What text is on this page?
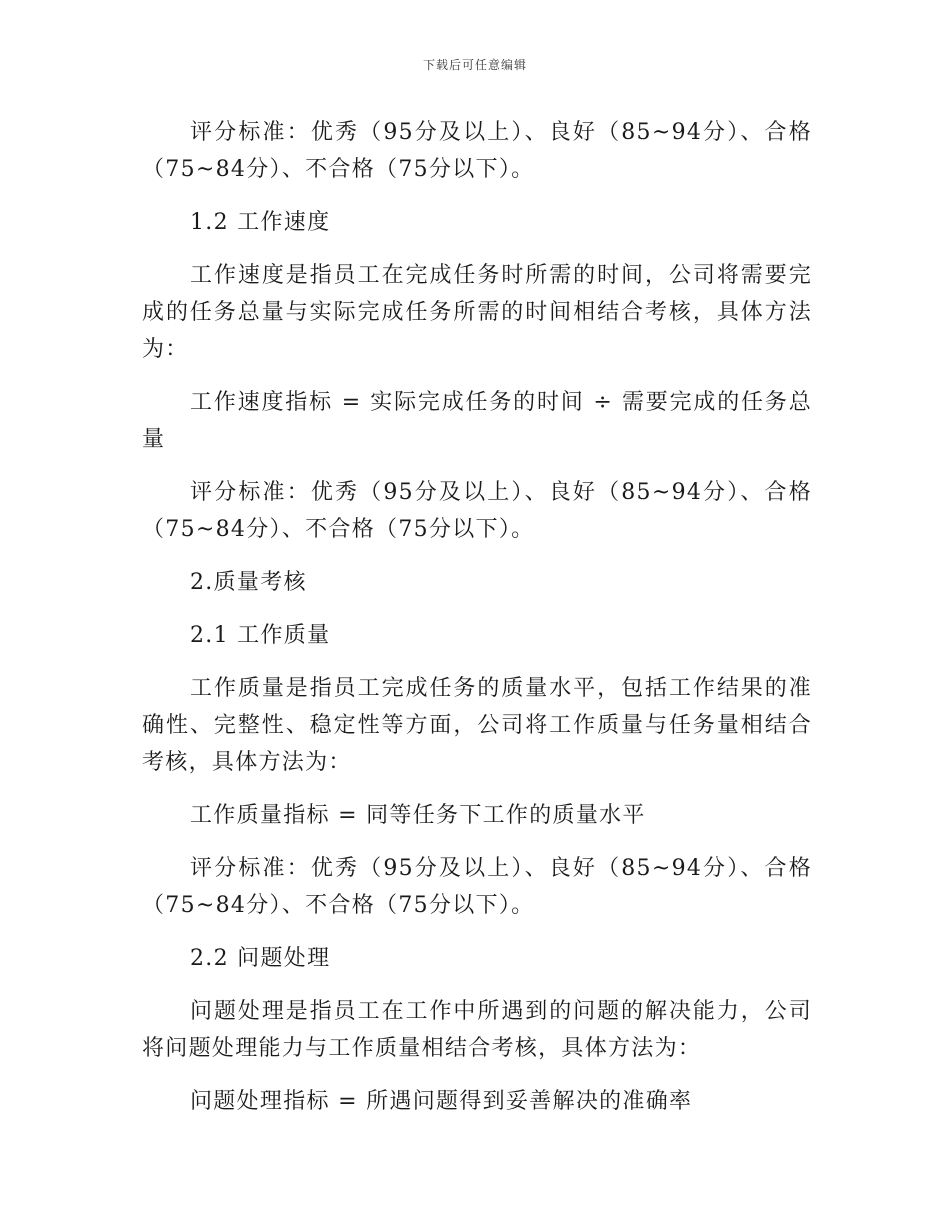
下载后可任意编辑

评分标准：优秀（95分及以上）、良好（85~94分）、合格（75~84分）、不合格（75分以下）。

1.2 工作速度

工作速度是指员工在完成任务时所需的时间，公司将需要完成的任务总量与实际完成任务所需的时间相结合考核，具体方法为：

工作速度指标 = 实际完成任务的时间 ÷ 需要完成的任务总量

评分标准：优秀（95分及以上）、良好（85~94分）、合格（75~84分）、不合格（75分以下）。

2.质量考核

2.1 工作质量

工作质量是指员工完成任务的质量水平，包括工作结果的准确性、完整性、稳定性等方面，公司将工作质量与任务量相结合考核，具体方法为：

工作质量指标 = 同等任务下工作的质量水平

评分标准：优秀（95分及以上）、良好（85~94分）、合格（75~84分）、不合格（75分以下）。

2.2 问题处理

问题处理是指员工在工作中所遇到的问题的解决能力，公司将问题处理能力与工作质量相结合考核，具体方法为：

问题处理指标 = 所遇问题得到妥善解决的准确率
